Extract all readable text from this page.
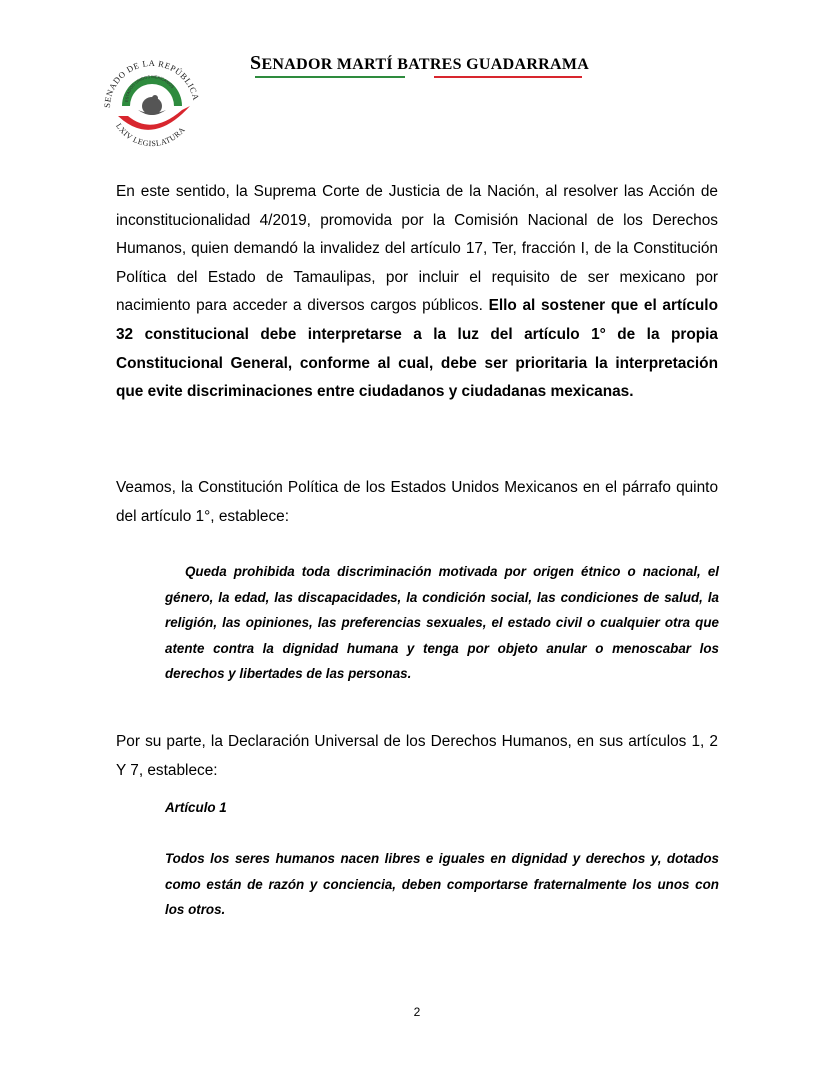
SENADO DE LA REPÚBLICA
ESTADOS UNIDOS MEXICANOS
LXIV LEGISLATURA
SENADOR MARTÍ BATRES GUADARRAMA

En este sentido, la Suprema Corte de Justicia de la Nación, al resolver las Acción de inconstitucionalidad 4/2019, promovida por la Comisión Nacional de los Derechos Humanos, quien demandó la invalidez del artículo 17, Ter, fracción I, de la Constitución Política del Estado de Tamaulipas, por incluir el requisito de ser mexicano por nacimiento para acceder a diversos cargos públicos. Ello al sostener que el artículo 32 constitucional debe interpretarse a la luz del artículo 1° de la propia Constitucional General, conforme al cual, debe ser prioritaria la interpretación que evite discriminaciones entre ciudadanos y ciudadanas mexicanas.

Veamos, la Constitución Política de los Estados Unidos Mexicanos en el párrafo quinto del artículo 1°, establece:

Queda prohibida toda discriminación motivada por origen étnico o nacional, el género, la edad, las discapacidades, la condición social, las condiciones de salud, la religión, las opiniones, las preferencias sexuales, el estado civil o cualquier otra que atente contra la dignidad humana y tenga por objeto anular o menoscabar los derechos y libertades de las personas.

Por su parte, la Declaración Universal de los Derechos Humanos, en sus artículos 1, 2 Y 7, establece:

Artículo 1

Todos los seres humanos nacen libres e iguales en dignidad y derechos y, dotados como están de razón y conciencia, deben comportarse fraternalmente los unos con los otros.

2
